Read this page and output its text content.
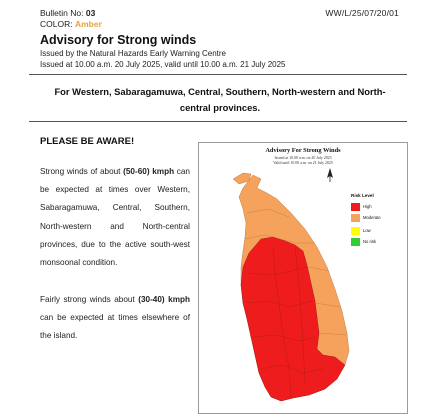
Bulletin No: 03
COLOR: Amber
WW/L/25/07/20/01
Advisory for Strong winds
Issued by the Natural Hazards Early Warning Centre
Issued at 10.00 a.m. 20 July 2025, valid until 10.00 a.m. 21 July 2025
For Western, Sabaragamuwa, Central, Southern, North-western and North-central provinces.
PLEASE BE AWARE!
Strong winds of about (50-60) kmph can be expected at times over Western, Sabaragamuwa, Central, Southern, North-western and North-central provinces, due to the active south-west monsoonal condition.
Fairly strong winds about (30-40) kmph can be expected at times elsewhere of the island.
Advisory For Strong Winds
Issued at 10.00 a.m. on 20 July 2025
Valid until 10.00 a.m. on 21 July 2025
Risk Level
High
Moderate
Low
No risk
